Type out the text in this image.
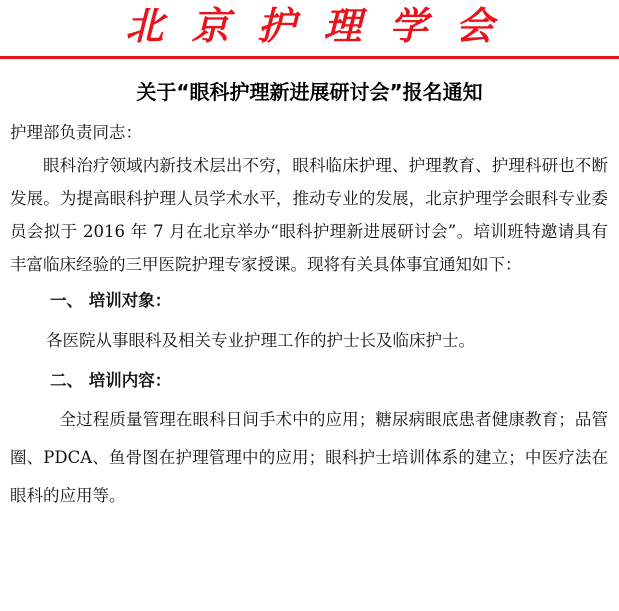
北京护理学会
关于“眼科护理新进展研讨会”报名通知

护理部负责同志：

眼科治疗领域内新技术层出不穷，眼科临床护理、护理教育、护理科研也不断发展。为提高眼科护理人员学术水平，推动专业的发展，北京护理学会眼科专业委员会拟于 2016 年 7 月在北京举办“眼科护理新进展研讨会”。培训班特邀请具有丰富临床经验的三甲医院护理专家授课。现将有关具体事宜通知如下：

一、 培训对象：

各医院从事眼科及相关专业护理工作的护士长及临床护士。

二、 培训内容：

全过程质量管理在眼科日间手术中的应用；糖尿病眼底患者健康教育；品管圈、PDCA、鱼骨图在护理管理中的应用；眼科护士培训体系的建立；中医疗法在眼科的应用等。
